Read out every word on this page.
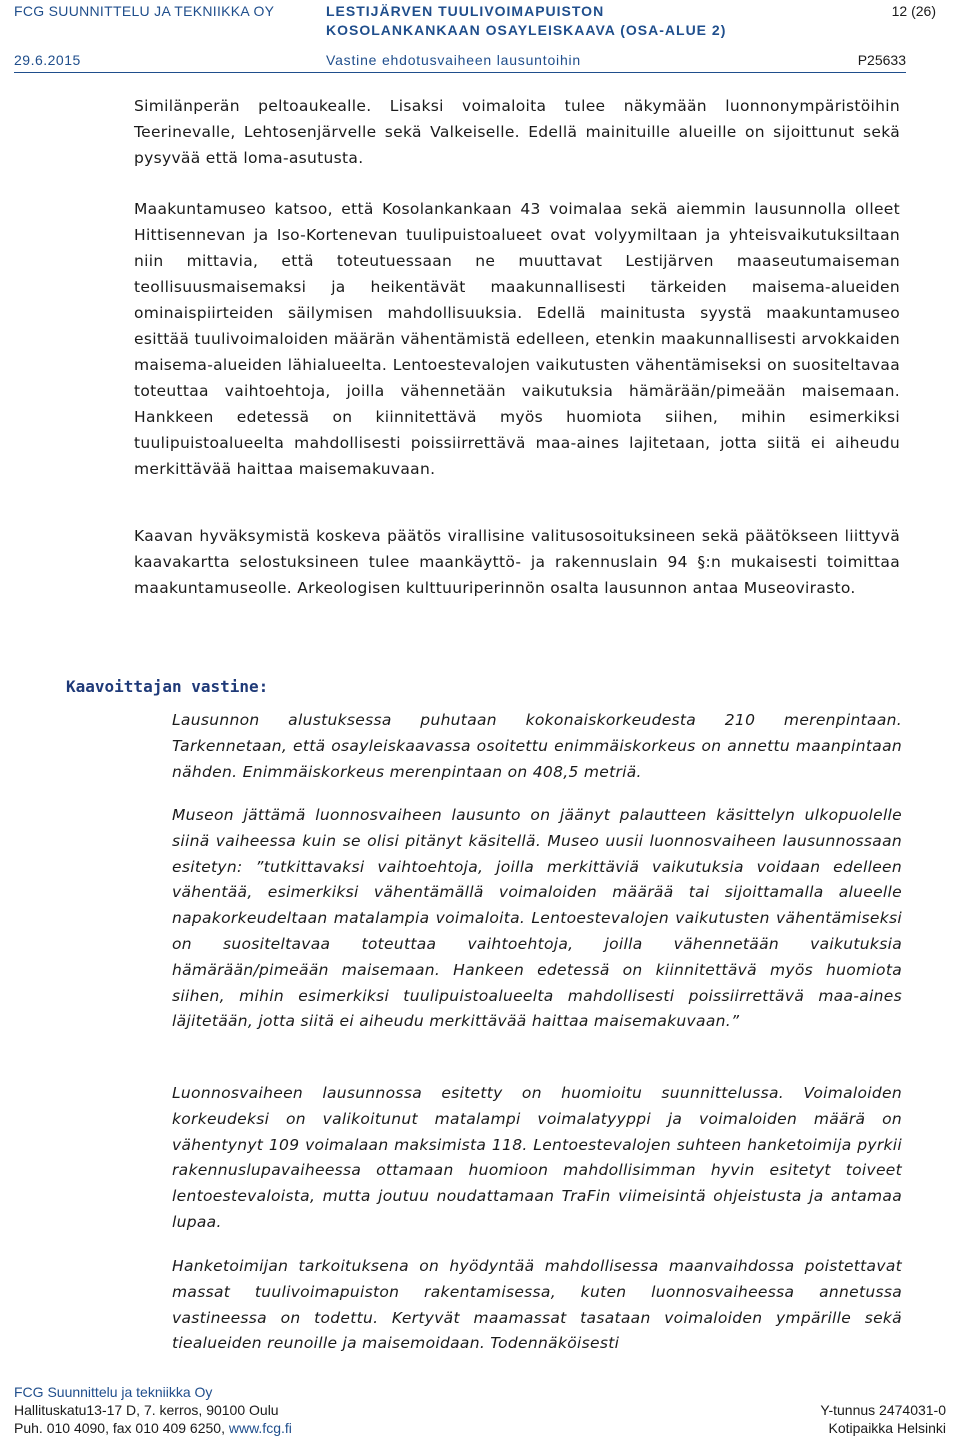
FCG SUUNNITTELU JA TEKNIIKKA OY	LESTIJÄRVEN TUULIVOIMAPUISTON
KOSOLANKANKAAN OSAYLEISKAAVA (OSA-ALUE 2)
12 (26)
29.6.2015	Vastine ehdotusvaiheen lausuntoihin	P25633

Similänperän peltoaukealle. Lisaksi voimaloita tulee näkymään luonnonympäristöihin Teerinevalle, Lehtosenjärvelle sekä Valkeiselle. Edellä mainituille alueille on sijoittunut sekä pysyvää että loma-asutusta.

Maakuntamuseo katsoo, että Kosolankankaan 43 voimalaa sekä aiemmin lausunnolla olleet Hittisennevan ja Iso-Kortenevan tuulipuistoalueet ovat volyymiltaan ja yhteisvaikutuksiltaan niin mittavia, että toteutuessaan ne muuttavat Lestijärven maaseutumaiseman teollisuusmaisemaksi ja heikentävät maakunnallisesti tärkeiden maisema-alueiden ominaispiirteiden säilymisen mahdollisuuksia. Edellä mainitusta syystä maakuntamuseo esittää tuulivoimaloiden määrän vähentämistä edelleen, etenkin maakunnallisesti arvokkaiden maisema-alueiden lähialueelta. Lentoestevalojen vaikutusten vähentämiseksi on suositeltavaa toteuttaa vaihtoehtoja, joilla vähennetään vaikutuksia hämärään/pimeään maisemaan. Hankkeen edetessä on kiinnitettävä myös huomiota siihen, mihin esimerkiksi tuulipuistoalueelta mahdollisesti poissiirrettävä maa-aines lajitetaan, jotta siitä ei aiheudu merkittävää haittaa maisemakuvaan.

Kaavan hyväksymistä koskeva päätös virallisine valitusosoituksineen sekä päätökseen liittyvä kaavakartta selostuksineen tulee maankäyttö- ja rakennuslain 94 §:n mukaisesti toimittaa maakuntamuseolle. Arkeologisen kulttuuriperinnön osalta lausunnon antaa Museovirasto.

Kaavoittajan vastine:

Lausunnon alustuksessa puhutaan kokonaiskorkeudesta 210 merenpintaan. Tarkennetaan, että osayleiskaavassa osoitettu enimmäiskorkeus on annettu maanpintaan nähden. Enimmäiskorkeus merenpintaan on 408,5 metriä.

Museon jättämä luonnosvaiheen lausunto on jäänyt palautteen käsittelyn ulkopuolelle siinä vaiheessa kuin se olisi pitänyt käsitellä. Museo uusii luonnosvaiheen lausunnossaan esitetyn: ”tutkittavaksi vaihtoehtoja, joilla merkittäviä vaikutuksia voidaan edelleen vähentää, esimerkiksi vähentämällä voimaloiden määrää tai sijoittamalla alueelle napakorkeudeltaan matalampia voimaloita. Lentoestevalojen vaikutusten vähentämiseksi on suositeltavaa toteuttaa vaihtoehtoja, joilla vähennetään vaikutuksia hämärään/pimeään maisemaan. Hankeen edetessä on kiinnitettävä myös huomiota siihen, mihin esimerkiksi tuulipuistoalueelta mahdollisesti poissiirrettävä maa-aines läjitetään, jotta siitä ei aiheudu merkittävää haittaa maisemakuvaan.”

Luonnosvaiheen lausunnossa esitetty on huomioitu suunnittelussa. Voimaloiden korkeudeksi on valikoitunut matalampi voimalatyyppi ja voimaloiden määrä on vähentynyt 109 voimalaan maksimista 118. Lentoestevalojen suhteen hanketoimija pyrkii rakennuslupavaiheessa ottamaan huomioon mahdollisimman hyvin esitetyt toiveet lentoestevaloista, mutta joutuu noudattamaan TraFin viimeisintä ohjeistusta ja antamaa lupaa.

Hanketoimijan tarkoituksena on hyödyntää mahdollisessa maanvaihdossa poistettavat massat tuulivoimapuiston rakentamisessa, kuten luonnosvaiheessa annetussa vastineessa on todettu. Kertyvät maamassat tasataan voimaloiden ympärille sekä tiealueiden reunoille ja maisemoidaan. Todennäköisesti

FCG Suunnittelu ja tekniikka Oy
Hallituskatu13-17 D, 7. kerros, 90100 Oulu
Puh. 010 4090, fax 010 409 6250, www.fcg.fi
Y-tunnus 2474031-0
Kotipaikka Helsinki
